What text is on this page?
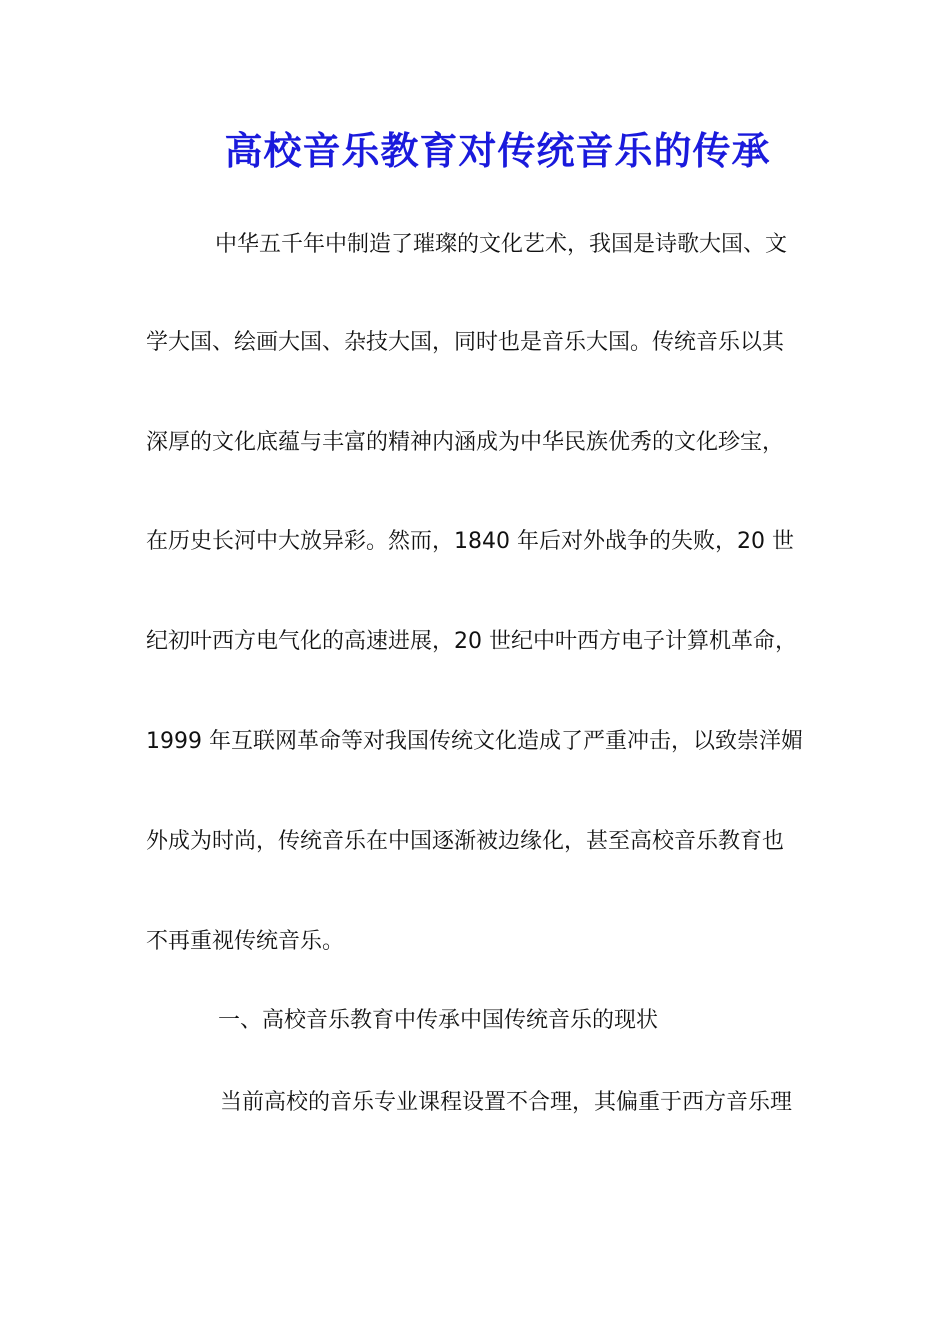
高校音乐教育对传统音乐的传承
中华五千年中制造了璀璨的文化艺术，我国是诗歌大国、文
学大国、绘画大国、杂技大国，同时也是音乐大国。传统音乐以其
深厚的文化底蕴与丰富的精神内涵成为中华民族优秀的文化珍宝，
在历史长河中大放异彩。然而，1840 年后对外战争的失败，20 世
纪初叶西方电气化的高速进展，20 世纪中叶西方电子计算机革命，
1999 年互联网革命等对我国传统文化造成了严重冲击，以致崇洋媚
外成为时尚，传统音乐在中国逐渐被边缘化，甚至高校音乐教育也
不再重视传统音乐。
一、高校音乐教育中传承中国传统音乐的现状
当前高校的音乐专业课程设置不合理，其偏重于西方音乐理
